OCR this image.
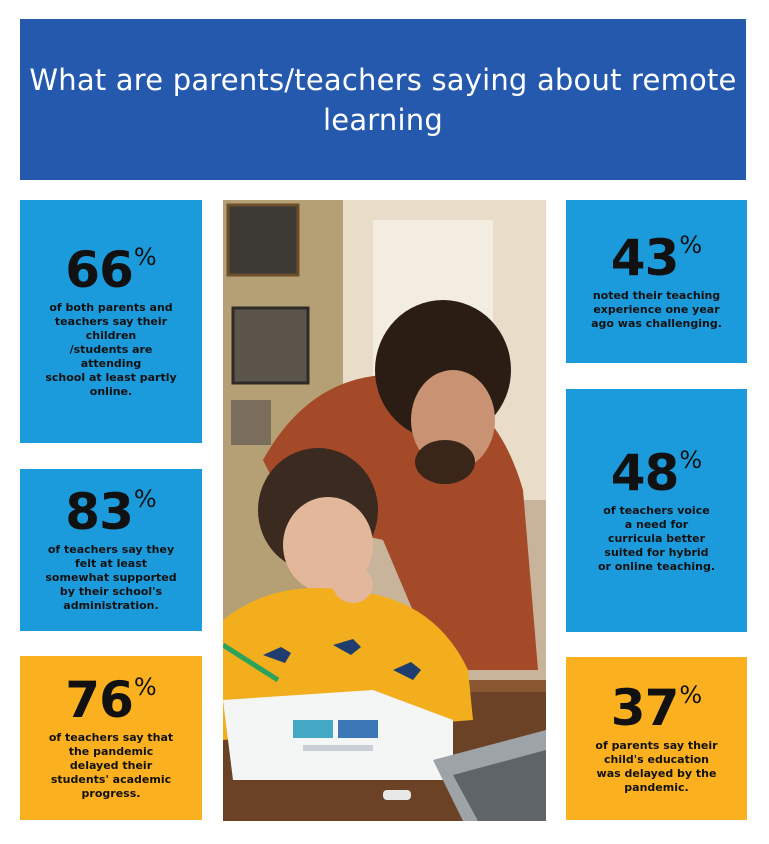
What are parents/teachers saying about remote learning
66 %

of both parents and
teachers say their children
/students are attending
school at least partly
online.

83 %

of teachers say they
felt at least
somewhat supported
by their school's
administration.

76 %

of teachers say that
the pandemic
delayed their
students' academic
progress.

43 %

noted their teaching
experience one year
ago was challenging.

48 %

of teachers voice
a need for
curricula better
suited for hybrid
or online teaching.

37 %

of parents say their
child's education
was delayed by the
pandemic.
